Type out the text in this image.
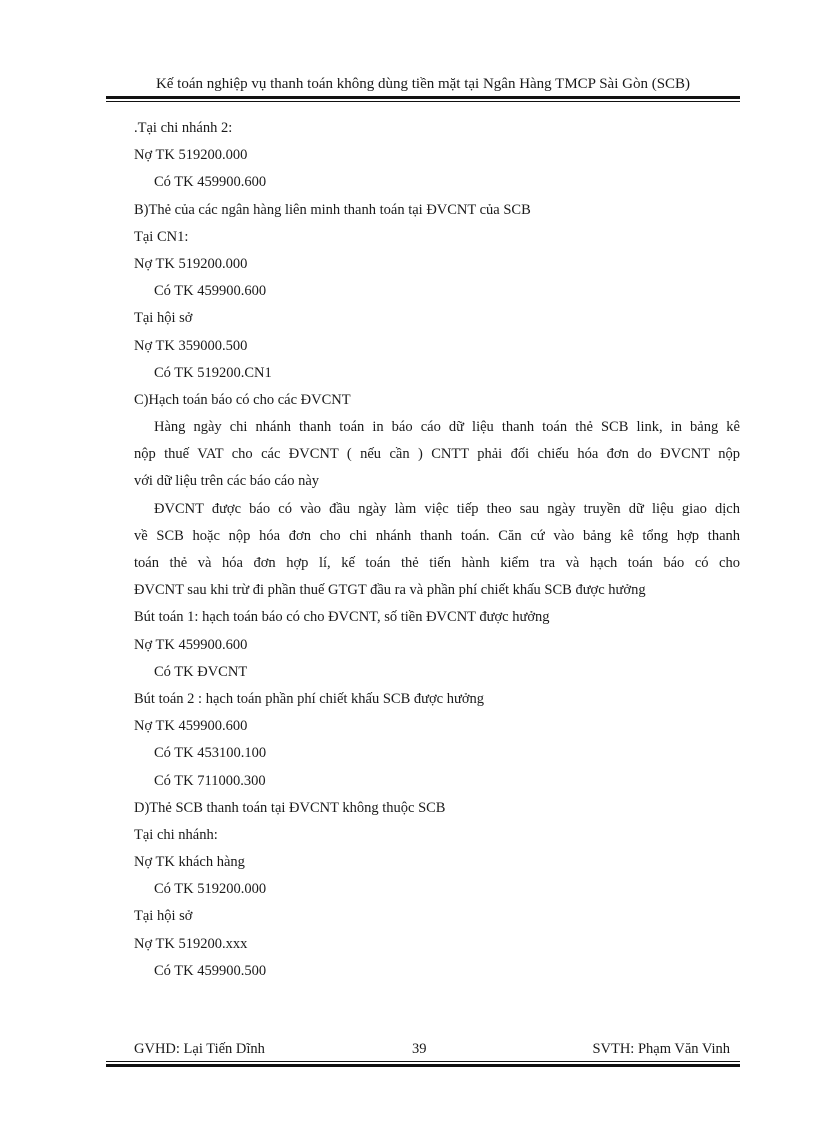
Kế toán nghiệp vụ thanh toán không dùng tiền mặt tại Ngân Hàng TMCP Sài Gòn (SCB)
.Tại chi nhánh 2:
Nợ TK 519200.000
Có TK 459900.600
B)Thẻ của các ngân hàng liên minh thanh toán tại ĐVCNT của SCB
Tại CN1:
Nợ TK 519200.000
Có TK 459900.600
Tại hội sở
Nợ TK 359000.500
Có TK 519200.CN1
C)Hạch toán báo có cho các ĐVCNT
Hàng ngày chi nhánh thanh toán in báo cáo dữ liệu thanh toán thẻ SCB link, in bảng kê
nộp thuế VAT cho các ĐVCNT ( nếu cần ) CNTT phải đối chiếu hóa đơn do ĐVCNT nộp
với dữ liệu trên các báo cáo này
ĐVCNT được báo có vào đầu ngày làm việc tiếp theo sau ngày truyền dữ liệu giao dịch
về SCB hoặc nộp hóa đơn cho chi nhánh thanh toán. Căn cứ vào bảng kê tổng hợp thanh
toán thẻ và hóa đơn hợp lí, kế toán thẻ tiến hành kiểm tra và hạch toán báo có cho
ĐVCNT sau khi trừ đi phần thuế GTGT đầu ra và phần phí chiết khấu SCB được hưởng
Bút toán 1: hạch toán báo có cho ĐVCNT, số tiền ĐVCNT được hưởng
Nợ TK 459900.600
Có TK ĐVCNT
Bút toán 2 : hạch toán phần phí chiết khấu SCB được hưởng
Nợ TK 459900.600
Có TK 453100.100
Có TK 711000.300
D)Thẻ SCB thanh toán tại ĐVCNT không thuộc SCB
Tại chi nhánh:
Nợ TK khách hàng
Có TK 519200.000
Tại hội sở
Nợ TK 519200.xxx
Có TK 459900.500
GVHD: Lại Tiến Dĩnh	39	SVTH: Phạm Văn Vinh
